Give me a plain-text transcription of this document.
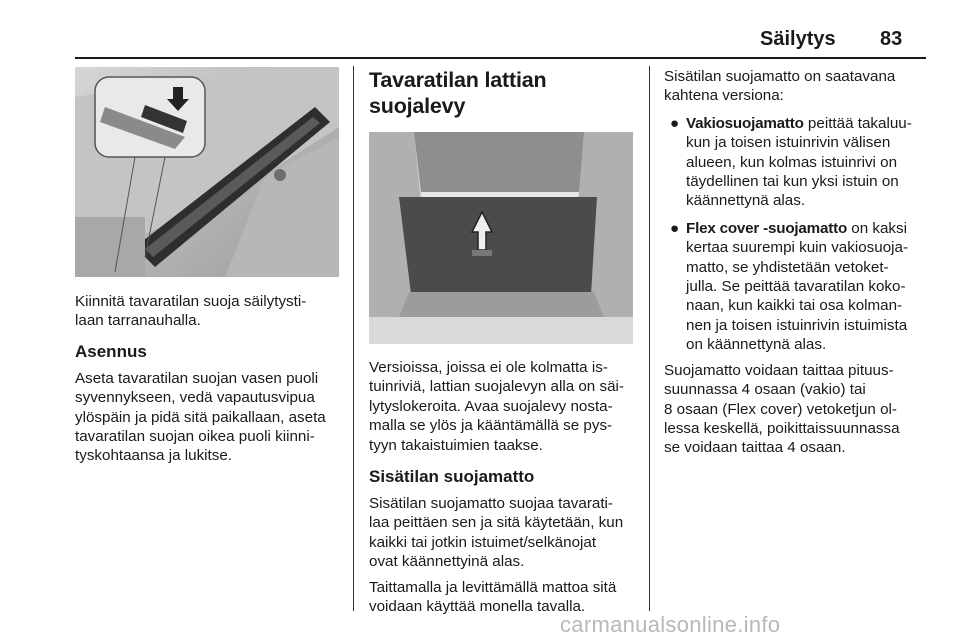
Säilytys 83

Kiinnitä tavaratilan suoja säilytysti-
laan tarranauhalla.

Asennus

Aseta tavaratilan suojan vasen puoli
syvennykseen, vedä vapautusvipua
ylöspäin ja pidä sitä paikallaan, aseta
tavaratilan suojan oikea puoli kiinni-
tyskohtaansa ja lukitse.

Tavaratilan lattian suojalevy

Versioissa, joissa ei ole kolmatta is-
tuinriviä, lattian suojalevyn alla on säi-
lytyslokeroita. Avaa suojalevy nosta-
malla se ylös ja kääntämällä se pys-
tyyn takaistuimien taakse.

Sisätilan suojamatto

Sisätilan suojamatto suojaa tavarati-
laa peittäen sen ja sitä käytetään, kun
kaikki tai jotkin istuimet/selkänojat
ovat käännettyinä alas.

Taittamalla ja levittämällä mattoa sitä
voidaan käyttää monella tavalla.

Sisätilan suojamatto on saatavana
kahtena versiona:

● Vakiosuojamatto peittää takaluu-
kun ja toisen istuinrivin välisen
alueen, kun kolmas istuinrivi on
täydellinen tai kun yksi istuin on
käännettynä alas.
● Flex cover -suojamatto on kaksi
kertaa suurempi kuin vakiosuoja-
matto, se yhdistetään vetoket-
julla. Se peittää tavaratilan koko-
naan, kun kaikki tai osa kolman-
nen ja toisen istuinrivin istuimista
on käännettynä alas.

Suojamatto voidaan taittaa pituus-
suunnassa 4 osaan (vakio) tai
8 osaan (Flex cover) vetoketjun ol-
lessa keskellä, poikittaissuunnassa
se voidaan taittaa 4 osaan.

carmanualsonline.info
